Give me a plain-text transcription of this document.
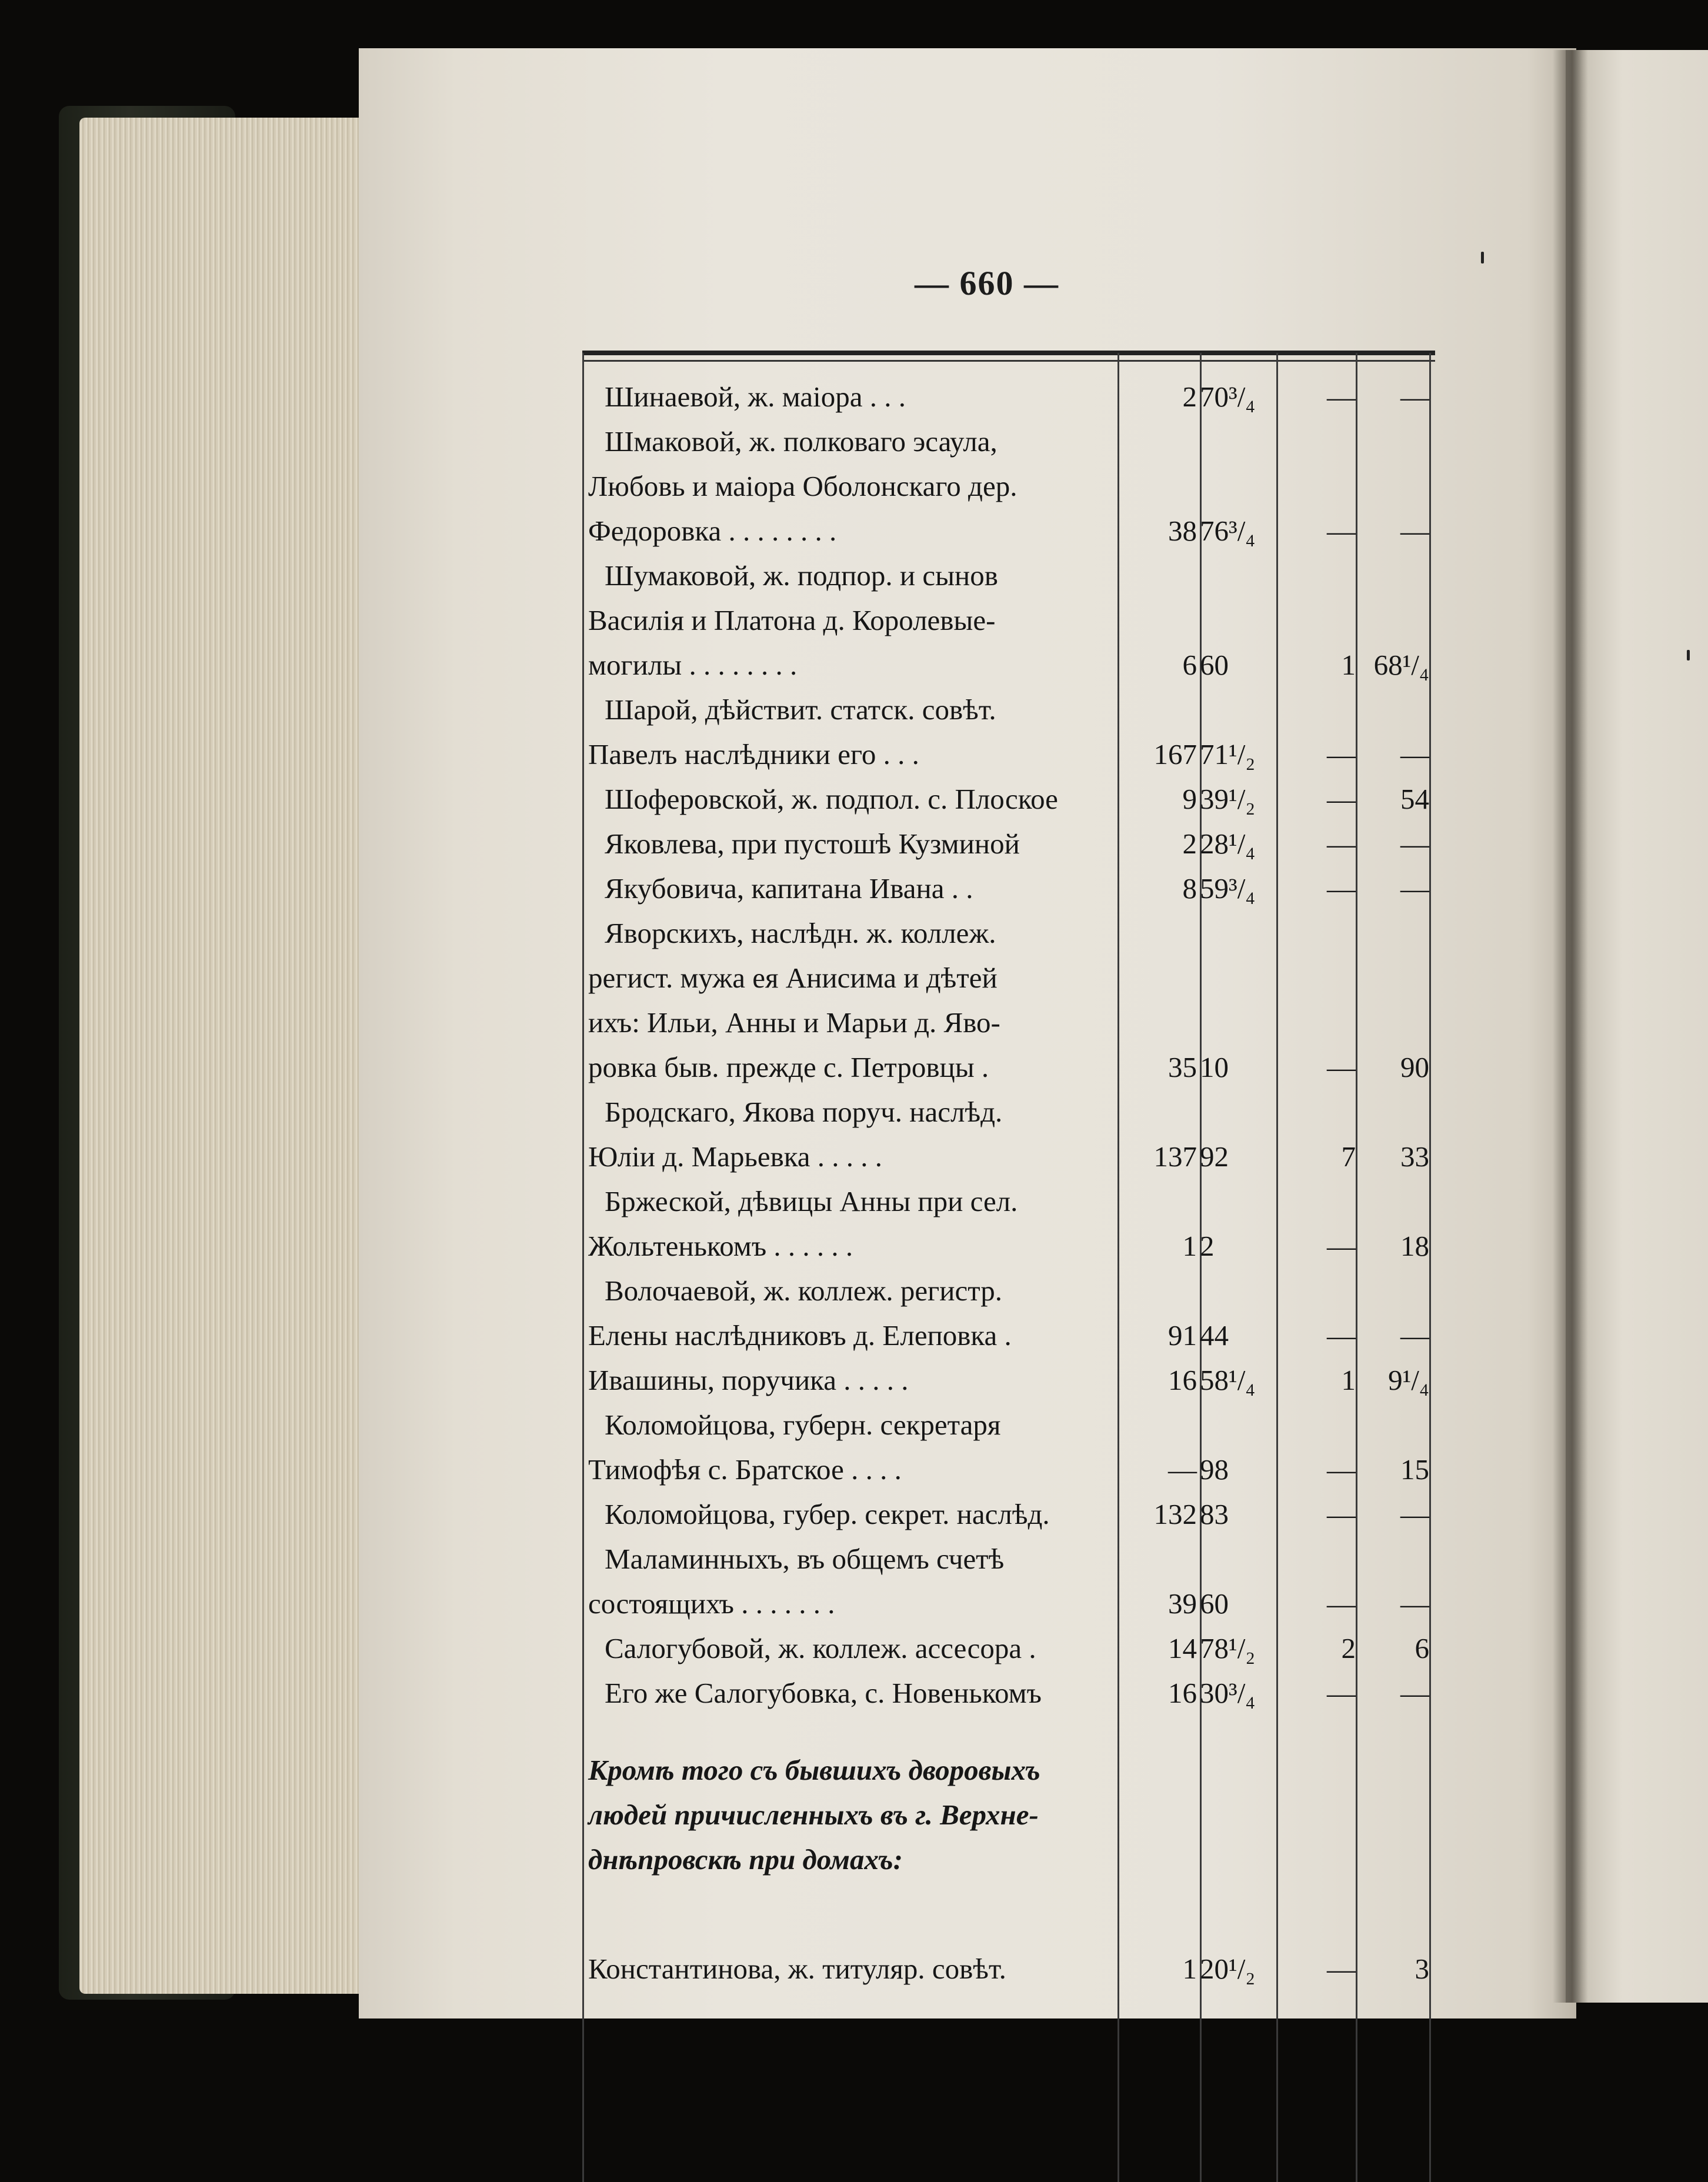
— 660 —
Шинаевой, ж. маіора . . .	2 70³/₄	—	—
Шмаковой, ж. полковаго эсаула,
Любовь и маіора Оболонскаго дер.
Федоровка . . . . . . . .	38 76³/₄	—	—
Шумаковой, ж. подпор. и сынов
Василія и Платона д. Королевые-
могилы . . . . . . . .	6 60	1 68¹/₄
Шарой, дѣйствит. статск. совѣт.
Павелъ наслѣдники его . . .	167 71¹/₂	—	—
Шоферовской, ж. подпол. с. Плоское	9 39¹/₂	—	54
Яковлева, при пустошѣ Кузминой	2 28¹/₄	—	—
Якубовича, капитана Ивана . .	8 59³/₄	—	—
Яворскихъ, наслѣдн. ж. коллеж.
регист. мужа ея Анисима и дѣтей
ихъ: Ильи, Анны и Марьи д. Яво-
ровка быв. прежде с. Петровцы .	35 10	—	90
Бродскаго, Якова поруч. наслѣд.
Юліи д. Марьевка . . . . .	137 92	7	33
Бржеской, дѣвицы Анны при сел.
Жольтенькомъ . . . . . .	1 2	—	18
Волочаевой, ж. коллеж. регистр.
Елены наслѣдниковъ д. Елеповка .	91 44	—	—
Ивашины, поручика . . . . .	16 58¹/₄	1	9¹/₄
Коломойцова, губерн. секретаря
Тимофѣя с. Братское . . . .	— 98	—	15
Коломойцова, губер. секрет. наслѣд.	132 83	—	—
Маламинныхъ, въ общемъ счетѣ
состоящихъ . . . . . . .	39 60	—	—
Салогубовой, ж. коллеж. ассесора .	14 78¹/₂	2	6
Его же Салогубовка, с. Новенькомъ	16 30³/₄	—	—
Кромѣ того съ бывшихъ дворовыхъ
людей причисленныхъ въ г. Верхне-
днѣпровскѣ при домахъ:
Константинова, ж. титуляр. совѣт.	1 20¹/₂	—	3
